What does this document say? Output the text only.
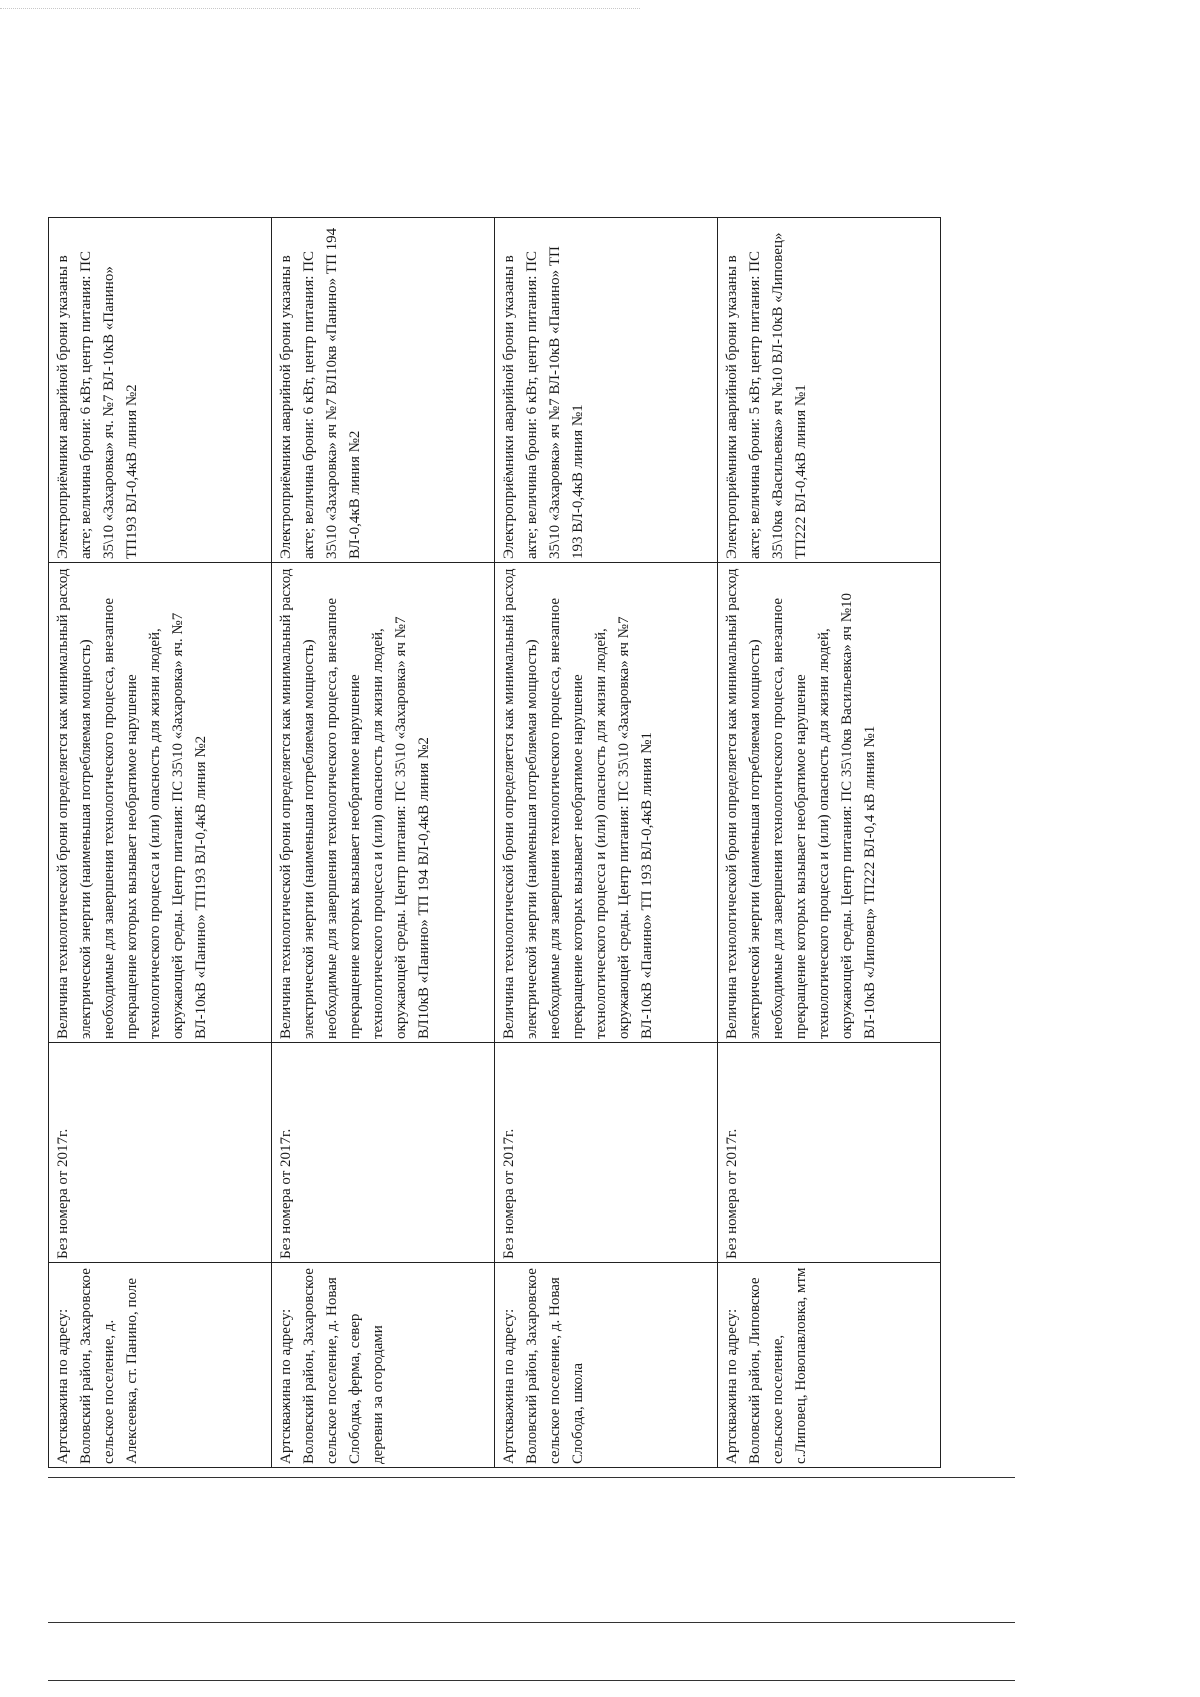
Артскважина по адресу: Воловский район, Захаровское сельское поселение, д. Алексеевка, ст. Панино, поле	Без номера от 2017г.	Величина технологической брони определяется как минимальный расход электрической энергии (наименьшая потребляемая мощность) необходимые для завершения технологического процесса, внезапное прекращение которых вызывает необратимое нарушение технологического процесса и (или) опасность для жизни людей, окружающей среды. Центр питания: ПС 35\10 «Захаровка» яч. №7 ВЛ-10кВ «Панино» ТП193 ВЛ-0,4кВ линия №2	Электроприёмники аварийной брони указаны в акте; величина брони: 6 кВт, центр питания: ПС 35\10 «Захаровка» яч. №7 ВЛ-10кВ «Панино» ТП193 ВЛ-0,4кВ линия №2
Артскважина по адресу: Воловский район, Захаровское сельское поселение, д. Новая Слободка, ферма, север деревни за огородами	Без номера от 2017г.	Величина технологической брони определяется как минимальный расход электрической энергии (наименьшая потребляемая мощность) необходимые для завершения технологического процесса, внезапное прекращение которых вызывает необратимое нарушение технологического процесса и (или) опасность для жизни людей, окружающей среды. Центр питания: ПС 35\10 «Захаровка» яч №7 ВЛ10кВ «Панино» ТП 194 ВЛ-0,4кВ линия №2	Электроприёмники аварийной брони указаны в акте; величина брони: 6 кВт, центр питания: ПС 35\10 «Захаровка» яч №7 ВЛ10кв «Панино» ТП 194 ВЛ-0,4кВ линия №2
Артскважина по адресу: Воловский район, Захаровское сельское поселение, д. Новая Слобода, школа	Без номера от 2017г.	Величина технологической брони определяется как минимальный расход электрической энергии (наименьшая потребляемая мощность) необходимые для завершения технологического процесса, внезапное прекращение которых вызывает необратимое нарушение технологического процесса и (или) опасность для жизни людей, окружающей среды. Центр питания: ПС 35\10 «Захаровка» яч №7 ВЛ-10кВ «Панино» ТП 193 ВЛ-0,4кВ линия №1	Электроприёмники аварийной брони указаны в акте; величина брони: 6 кВт, центр питания: ПС 35\10 «Захаровка» яч №7 ВЛ-10кВ «Панино» ТП 193 ВЛ-0,4кВ линия №1
Артскважина по адресу: Воловский район, Липовское сельское поселение, с.Липовец, Новопавловка, мтм	Без номера от 2017г.	Величина технологической брони определяется как минимальный расход электрической энергии (наименьшая потребляемая мощность) необходимые для завершения технологического процесса, внезапное прекращение которых вызывает необратимое нарушение технологического процесса и (или) опасность для жизни людей, окружающей среды. Центр питания: ПС 35\10кв Васильевка» яч №10 ВЛ-10кВ «Липовец» ТП222 ВЛ-0,4 кВ линия №1	Электроприёмники аварийной брони указаны в акте; величина брони: 5 кВт, центр питания: ПС 35\10кв «Васильевка» яч №10 ВЛ-10кВ «Липовец» ТП222 ВЛ-0,4кВ линия №1
